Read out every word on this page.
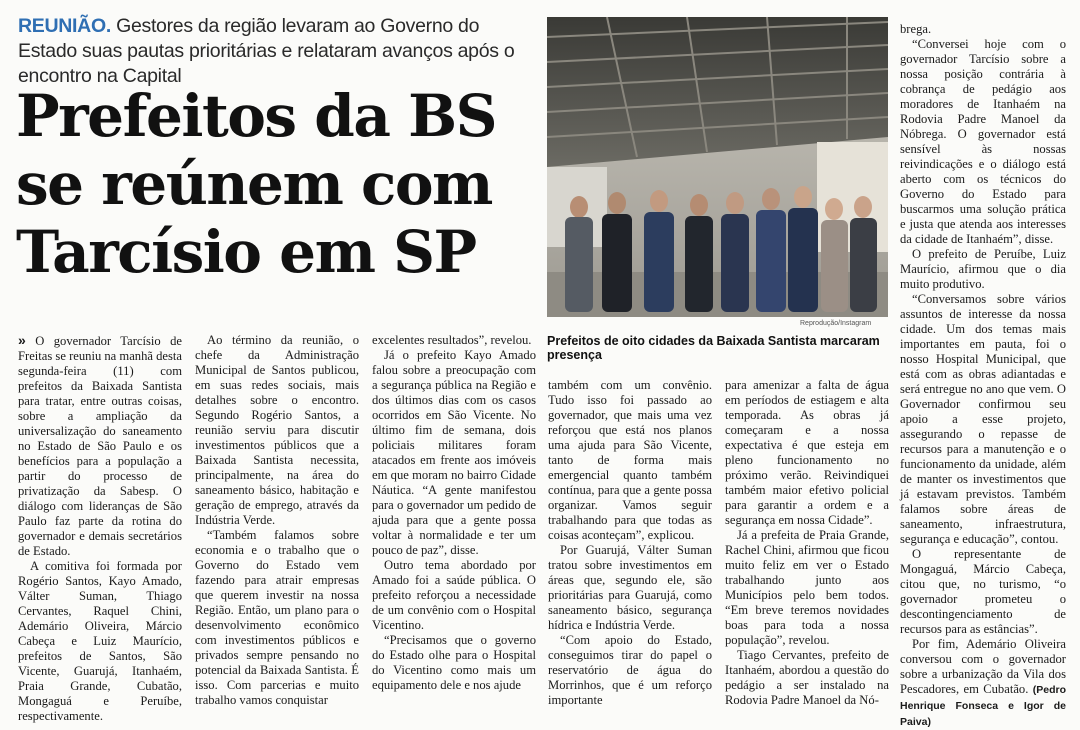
REUNIÃO. Gestores da região levaram ao Governo do Estado suas pautas prioritárias e relataram avanços após o encontro na Capital
Prefeitos da BS
se reúnem com
Tarcísio em SP
Reprodução/Instagram
Prefeitos de oito cidades da Baixada Santista marcaram presença

» O governador Tarcísio de Freitas se reuniu na manhã desta segunda-feira (11) com prefeitos da Baixada Santista para tratar, entre outras coisas, sobre a ampliação da universalização do saneamento no Estado de São Paulo e os benefícios para a população a partir do processo de privatização da Sabesp. O diálogo com lideranças de São Paulo faz parte da rotina do governador e demais secretários de Estado.

A comitiva foi formada por Rogério Santos, Kayo Amado, Válter Suman, Thiago Cervantes, Raquel Chini, Ademário Oliveira, Márcio Cabeça e Luiz Maurício, prefeitos de Santos, São Vicente, Guarujá, Itanhaém, Praia Grande, Cubatão, Mongaguá e Peruíbe, respectivamente.

Ao término da reunião, o chefe da Administração Municipal de Santos publicou, em suas redes sociais, mais detalhes sobre o encontro. Segundo Rogério Santos, a reunião serviu para discutir investimentos públicos que a Baixada Santista necessita, principalmente, na área do saneamento básico, habitação e geração de emprego, através da Indústria Verde.

“Também falamos sobre economia e o trabalho que o Governo do Estado vem fazendo para atrair empresas que querem investir na nossa Região. Então, um plano para o desenvolvimento econômico com investimentos públicos e privados sempre pensando no potencial da Baixada Santista. É isso. Com parcerias e muito trabalho vamos conquistar

excelentes resultados”, revelou.

Já o prefeito Kayo Amado falou sobre a preocupação com a segurança pública na Região e dos últimos dias com os casos ocorridos em São Vicente. No último fim de semana, dois policiais militares foram atacados em frente aos imóveis em que moram no bairro Cidade Náutica. “A gente manifestou para o governador um pedido de ajuda para que a gente possa voltar à normalidade e ter um pouco de paz”, disse.

Outro tema abordado por Amado foi a saúde pública. O prefeito reforçou a necessidade de um convênio com o Hospital Vicentino.

“Precisamos que o governo do Estado olhe para o Hospital do Vicentino como mais um equipamento dele e nos ajude

também com um convênio. Tudo isso foi passado ao governador, que mais uma vez reforçou que está nos planos uma ajuda para São Vicente, tanto de forma mais emergencial quanto também contínua, para que a gente possa organizar. Vamos seguir trabalhando para que todas as coisas aconteçam”, explicou.

Por Guarujá, Válter Suman tratou sobre investimentos em áreas que, segundo ele, são prioritárias para Guarujá, como saneamento básico, segurança hídrica e Indústria Verde.

“Com apoio do Estado, conseguimos tirar do papel o reservatório de água do Morrinhos, que é um reforço importante

para amenizar a falta de água em períodos de estiagem e alta temporada. As obras já começaram e a nossa expectativa é que esteja em pleno funcionamento no próximo verão. Reivindiquei também maior efetivo policial para garantir a ordem e a segurança em nossa Cidade”.

Já a prefeita de Praia Grande, Rachel Chini, afirmou que ficou muito feliz em ver o Estado trabalhando junto aos Municípios pelo bem todos. “Em breve teremos novidades boas para toda a nossa população”, revelou.

Tiago Cervantes, prefeito de Itanhaém, abordou a questão do pedágio a ser instalado na Rodovia Padre Manoel da Nó-

brega.

“Conversei hoje com o governador Tarcísio sobre a nossa posição contrária à cobrança de pedágio aos moradores de Itanhaém na Rodovia Padre Manoel da Nóbrega. O governador está sensível às nossas reivindicações e o diálogo está aberto com os técnicos do Governo do Estado para buscarmos uma solução prática e justa que atenda aos interesses da cidade de Itanhaém”, disse.

O prefeito de Peruíbe, Luiz Maurício, afirmou que o dia muito produtivo.

“Conversamos sobre vários assuntos de interesse da nossa cidade. Um dos temas mais importantes em pauta, foi o nosso Hospital Municipal, que está com as obras adiantadas e será entregue no ano que vem. O Governador confirmou seu apoio a esse projeto, assegurando o repasse de recursos para a manutenção e o funcionamento da unidade, além de manter os investimentos que já estavam previstos. Também falamos sobre áreas de saneamento, infraestrutura, segurança e educação”, contou.

O representante de Mongaguá, Márcio Cabeça, citou que, no turismo, “o governador prometeu o descontingenciamento de recursos para as estâncias”.

Por fim, Ademário Oliveira conversou com o governador sobre a urbanização da Vila dos Pescadores, em Cubatão. (Pedro Henrique Fonseca e Igor de Paiva)
